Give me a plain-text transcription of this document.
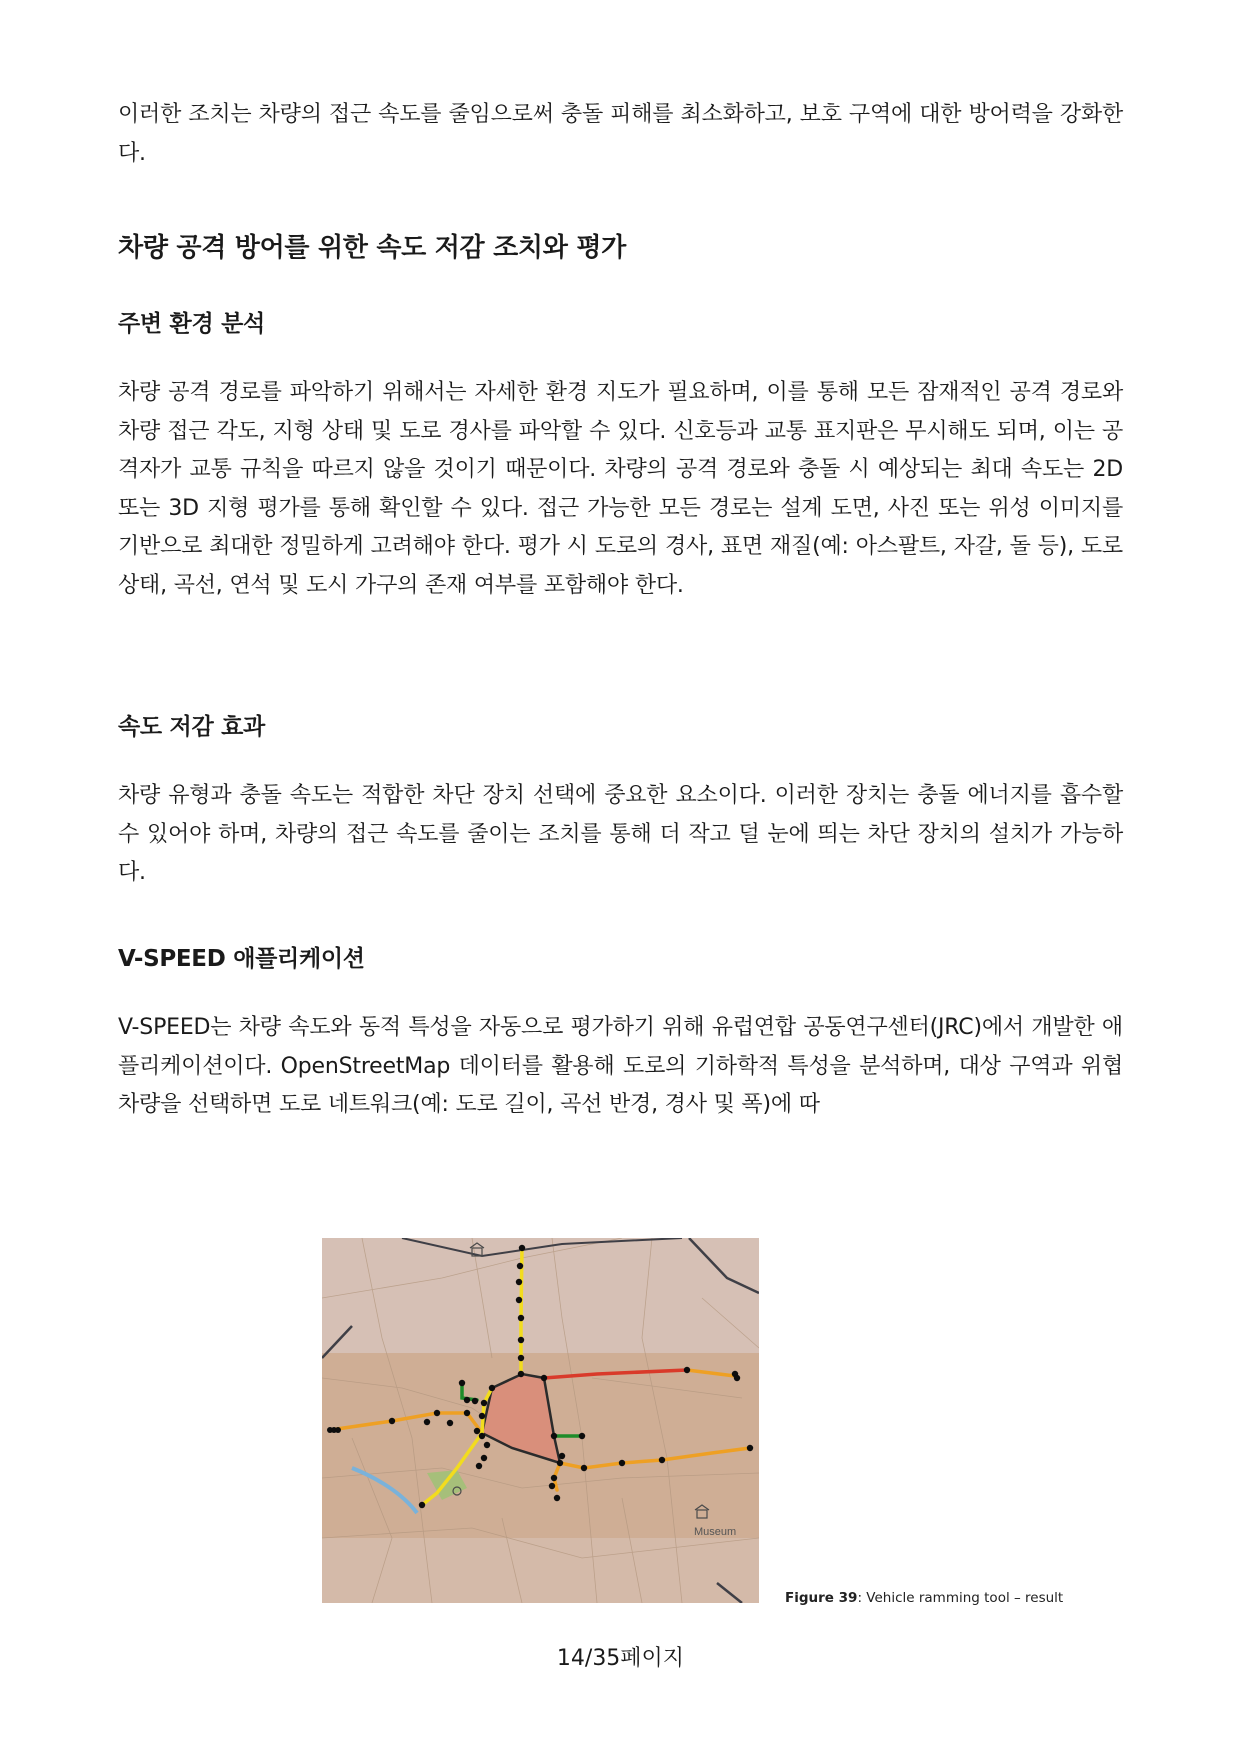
이러한 조치는 차량의 접근 속도를 줄임으로써 충돌 피해를 최소화하고, 보호 구역에 대한 방어력을 강화한다.

차량 공격 방어를 위한 속도 저감 조치와 평가
주변 환경 분석

차량 공격 경로를 파악하기 위해서는 자세한 환경 지도가 필요하며, 이를 통해 모든 잠재적인 공격 경로와 차량 접근 각도, 지형 상태 및 도로 경사를 파악할 수 있다. 신호등과 교통 표지판은 무시해도 되며, 이는 공격자가 교통 규칙을 따르지 않을 것이기 때문이다. 차량의 공격 경로와 충돌 시 예상되는 최대 속도는 2D 또는 3D 지형 평가를 통해 확인할 수 있다. 접근 가능한 모든 경로는 설계 도면, 사진 또는 위성 이미지를 기반으로 최대한 정밀하게 고려해야 한다. 평가 시 도로의 경사, 표면 재질(예: 아스팔트, 자갈, 돌 등), 도로 상태, 곡선, 연석 및 도시 가구의 존재 여부를 포함해야 한다.

속도 저감 효과

차량 유형과 충돌 속도는 적합한 차단 장치 선택에 중요한 요소이다. 이러한 장치는 충돌 에너지를 흡수할 수 있어야 하며, 차량의 접근 속도를 줄이는 조치를 통해 더 작고 덜 눈에 띄는 차단 장치의 설치가 가능하다.

V-SPEED 애플리케이션

V-SPEED는 차량 속도와 동적 특성을 자동으로 평가하기 위해 유럽연합 공동연구센터(JRC)에서 개발한 애플리케이션이다. OpenStreetMap 데이터를 활용해 도로의 기하학적 특성을 분석하며, 대상 구역과 위협 차량을 선택하면 도로 네트워크(예: 도로 길이, 곡선 반경, 경사 및 폭)에 따

Museum
Figure 39: Vehicle ramming tool – result
14/35페이지
